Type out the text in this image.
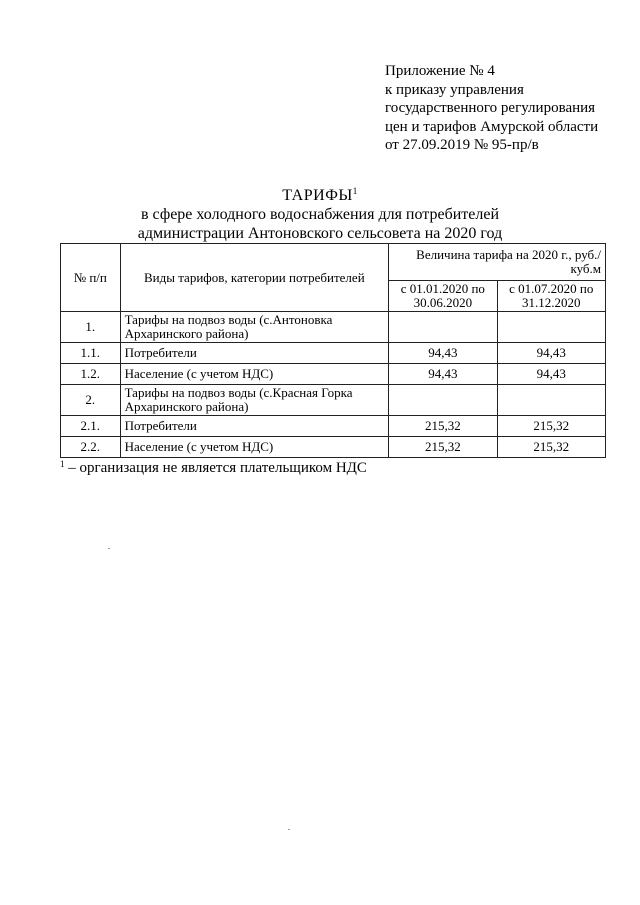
Приложение № 4
к приказу управления
государственного регулирования
цен и тарифов Амурской области
от 27.09.2019 № 95-пр/в
ТАРИФЫ$^1$
в сфере холодного водоснабжения для потребителей
администрации Антоновского сельсовета на 2020 год
№ п/п	Виды тарифов, категории потребителей	Величина тарифа на 2020 г., руб./куб.м	
		с 01.01.2020 по 30.06.2020	с 01.07.2020 по 31.12.2020
1.	Тарифы на подвоз воды (с.Антоновка Архаринского района)		
1.1.	Потребители	94,43	94,43
1.2.	Население (с учетом НДС)	94,43	94,43
2.	Тарифы на подвоз воды (с.Красная Горка Архаринского района)		
2.1.	Потребители	215,32	215,32
2.2.	Население (с учетом НДС)	215,32	215,32
$^1$ – организация не является плательщиком НДС
